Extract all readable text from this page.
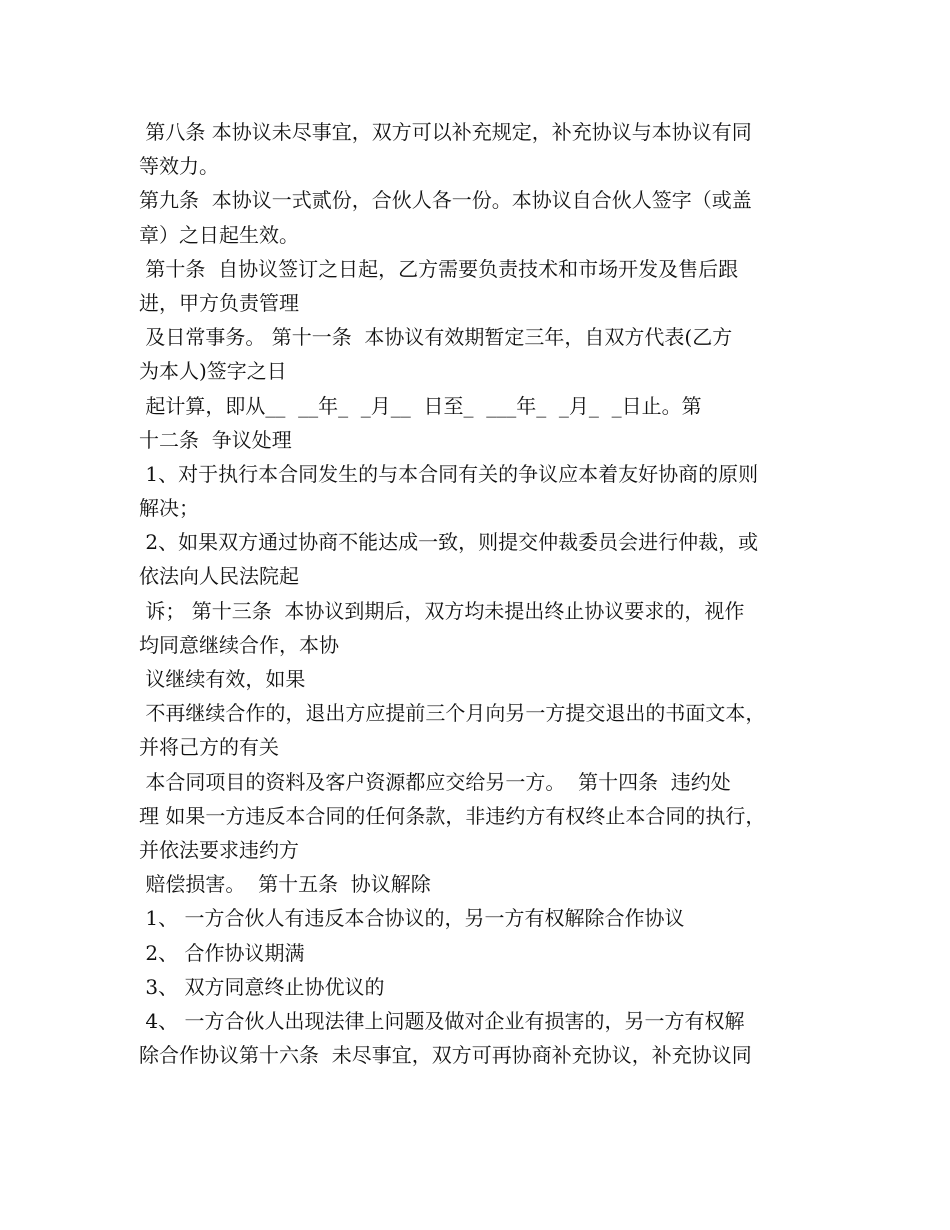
第八条 本协议未尽事宜，双方可以补充规定，补充协议与本协议有同
等效力。
第九条  本协议一式贰份，合伙人各一份。本协议自合伙人签字（或盖
章）之日起生效。
第十条  自协议签订之日起，乙方需要负责技术和市场开发及售后跟
进，甲方负责管理
及日常事务。 第十一条  本协议有效期暂定三年，自双方代表(乙方
为本人)签字之日
起计算，即从__  __年_  _月__  日至_  ___年_  _月_  _日止。第
十二条  争议处理
1、对于执行本合同发生的与本合同有关的争议应本着友好协商的原则
解决；
2、如果双方通过协商不能达成一致，则提交仲裁委员会进行仲裁，或
依法向人民法院起
诉； 第十三条  本协议到期后，双方均未提出终止协议要求的，视作
均同意继续合作，本协
议继续有效，如果
不再继续合作的，退出方应提前三个月向另一方提交退出的书面文本，
并将己方的有关
本合同项目的资料及客户资源都应交给另一方。  第十四条  违约处
理 如果一方违反本合同的任何条款，非违约方有权终止本合同的执行，
并依法要求违约方
赔偿损害。  第十五条  协议解除
1、 一方合伙人有违反本合协议的，另一方有权解除合作协议
2、 合作协议期满
3、 双方同意终止协优议的
4、 一方合伙人出现法律上问题及做对企业有损害的，另一方有权解
除合作协议第十六条  未尽事宜，双方可再协商补充协议，补充协议同
